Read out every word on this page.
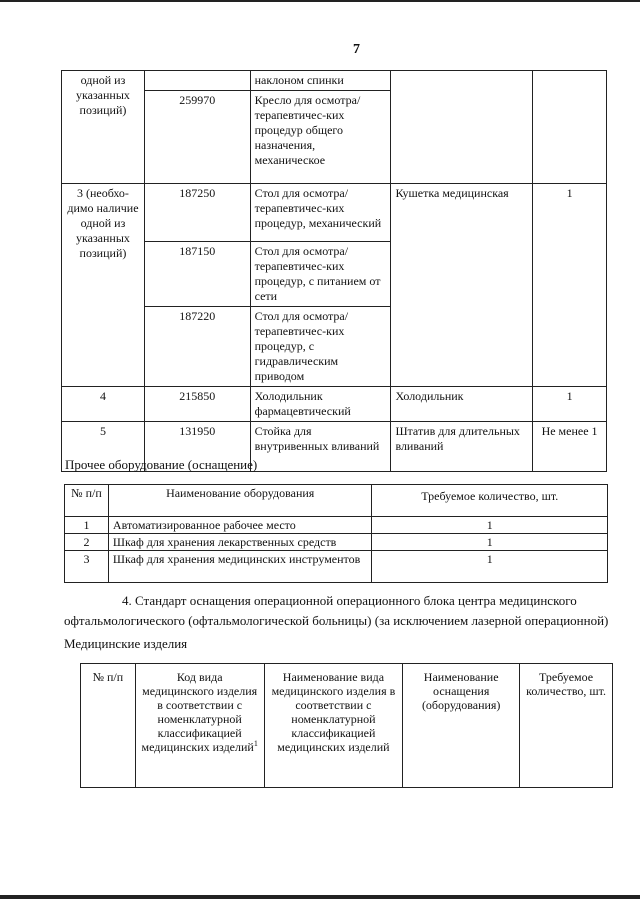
7
одной из указанных позиций)		наклоном спинки		
	259970	Кресло для осмотра/терапевтичес-ких процедур общего назначения, механическое		
3 (необхо-димо наличие одной из указанных позиций)	187250	Стол для осмотра/терапевтичес-ких процедур, механический	Кушетка медицинская	1
	187150	Стол для осмотра/терапевтичес-ких процедур, с питанием от сети		
	187220	Стол для осмотра/терапевтичес-ких процедур, с гидравлическим приводом		
4	215850	Холодильник фармацевтический	Холодильник	1
5	131950	Стойка для внутривенных вливаний	Штатив для длительных вливаний	Не менее 1
Прочее оборудование (оснащение)
№ п/п	Наименование оборудования	Требуемое количество, шт.
1	Автоматизированное рабочее место	1
2	Шкаф для хранения лекарственных средств	1
3	Шкаф для хранения медицинских инструментов	1
4. Стандарт оснащения операционной операционного блока центра медицинского офтальмологического (офтальмологической больницы) (за исключением лазерной операционной)
Медицинские изделия
№ п/п	Код вида медицинского изделия в соответствии с номенклатурной классификацией медицинских изделий$^1$	Наименование вида медицинского изделия в соответствии с номенклатурной классификацией медицинских изделий	Наименование оснащения (оборудования)	Требуемое количество, шт.
